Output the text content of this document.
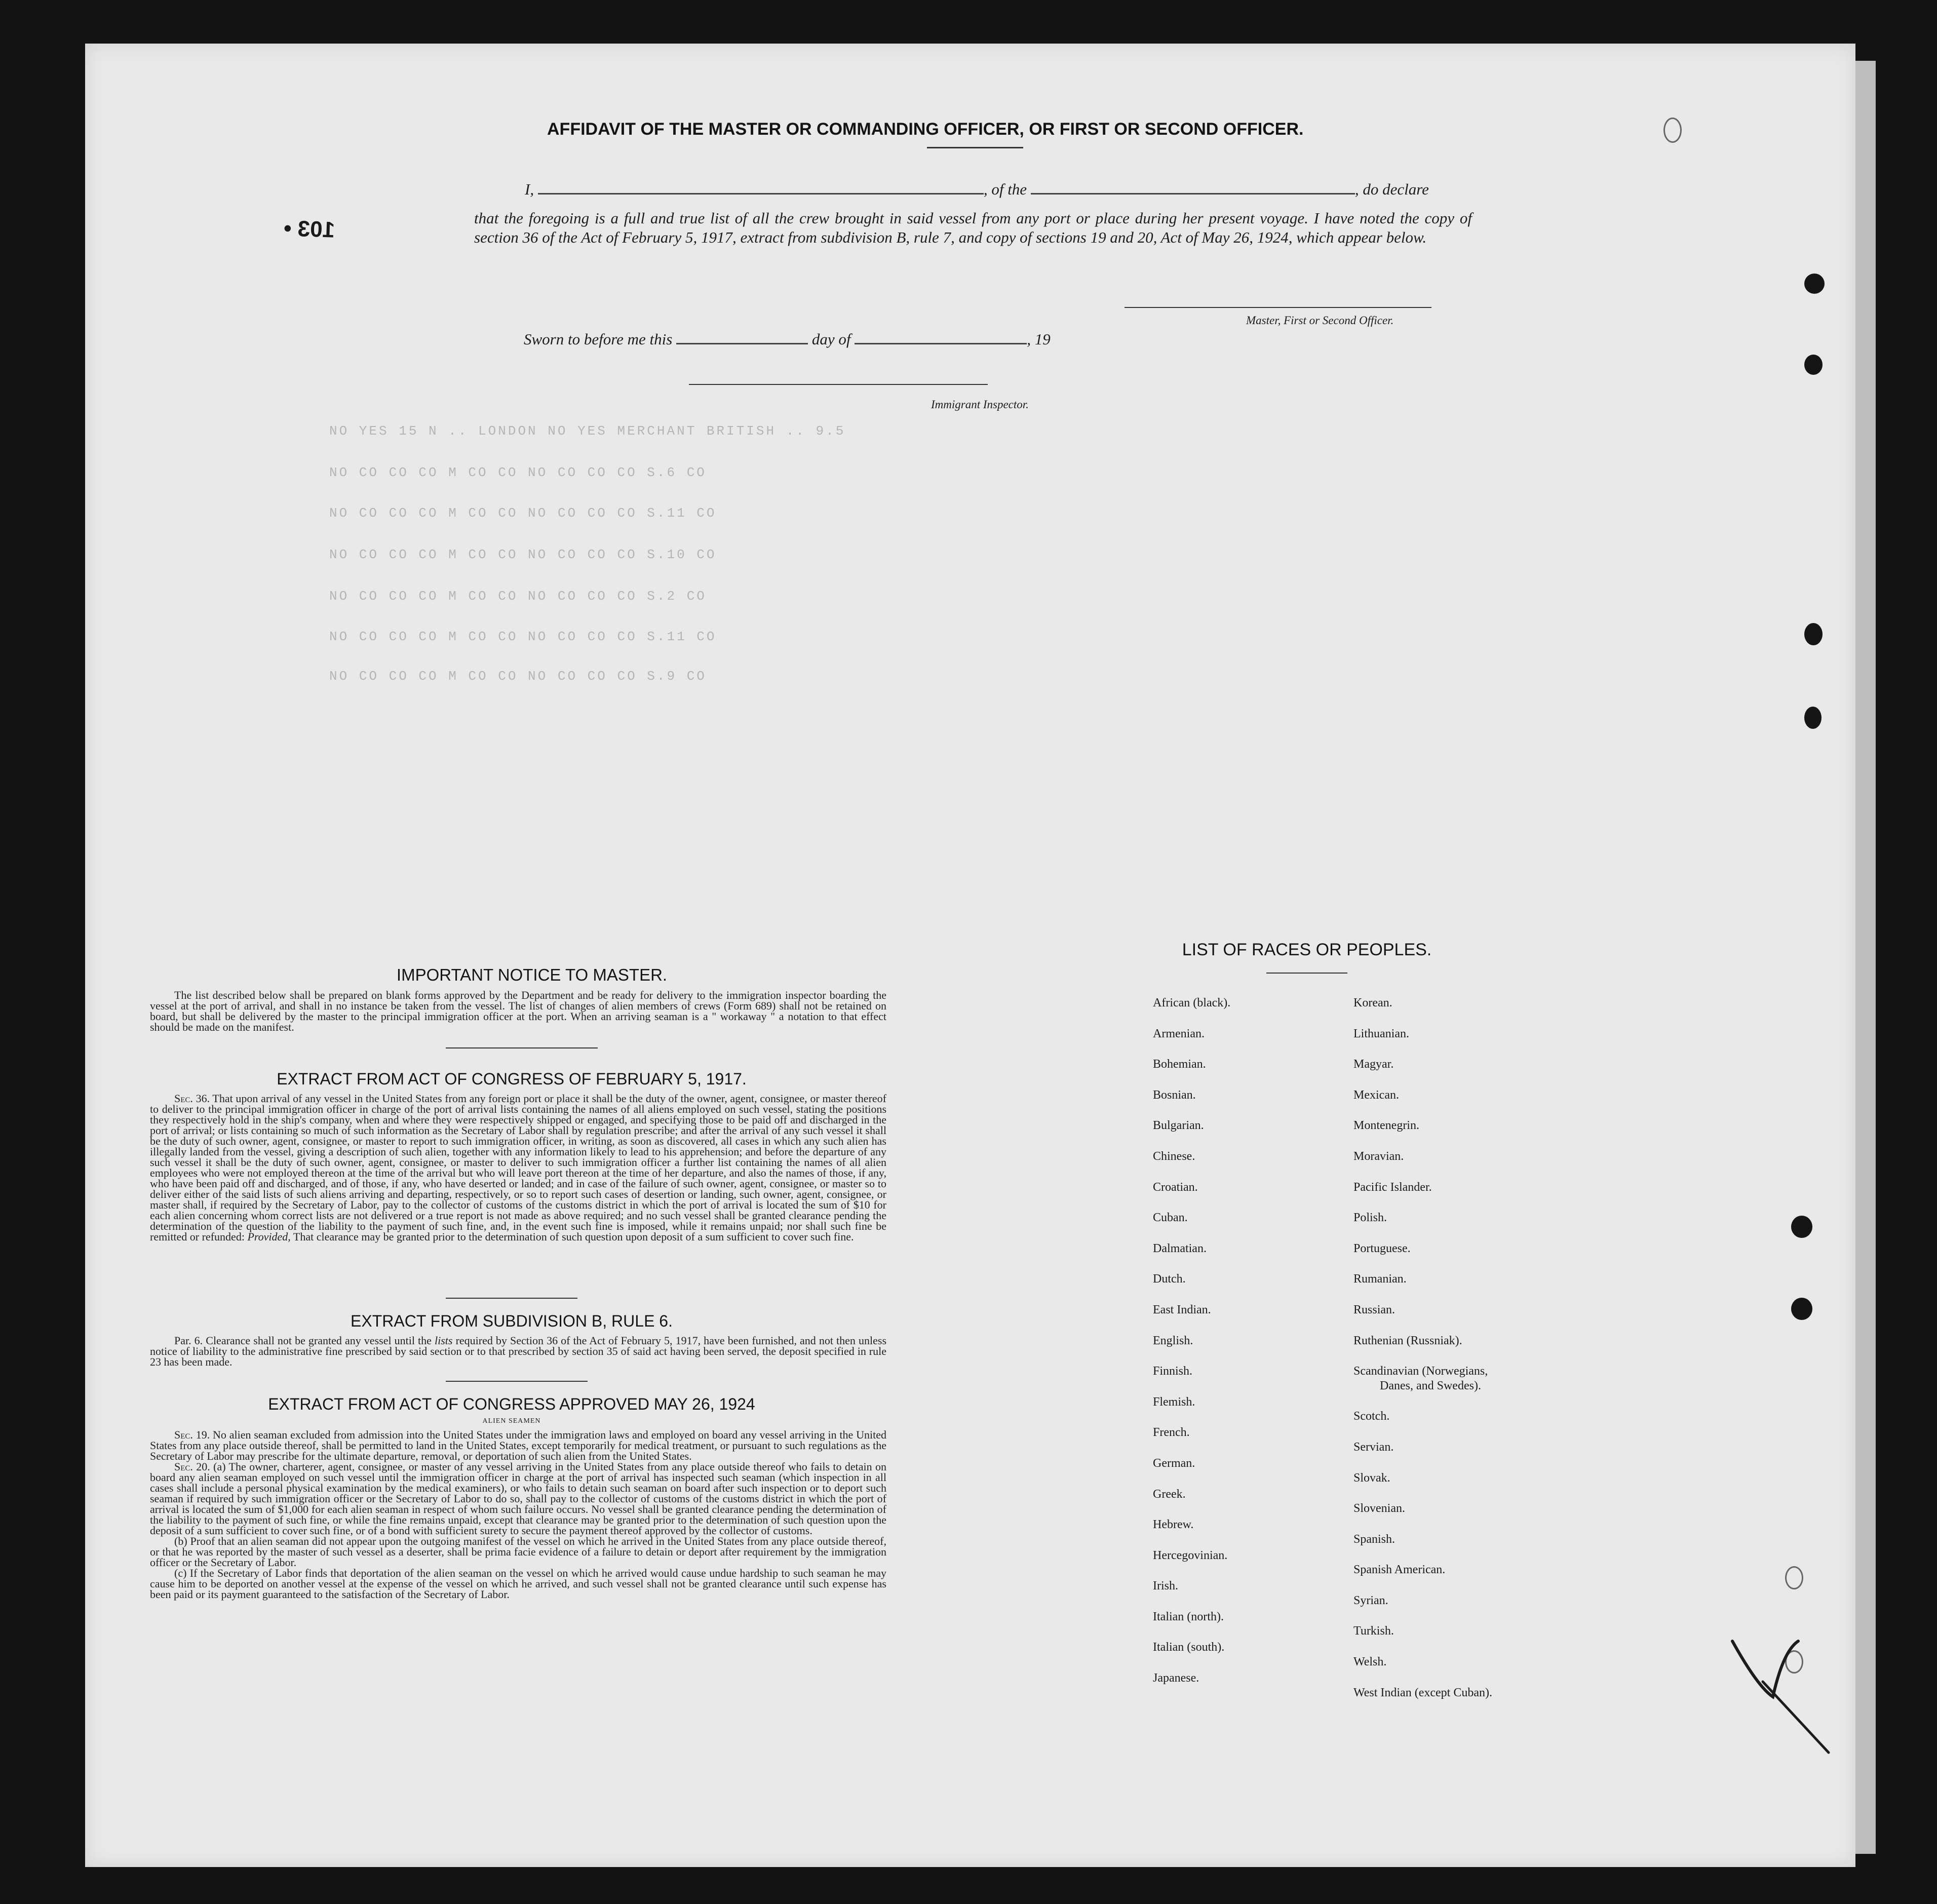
NO YES 15 N .. LONDON NO YES MERCHANT BRITISH .. 9.5
NO CO CO CO M CO CO NO CO CO CO S.6 CO
NO CO CO CO M CO CO NO CO CO CO S.11 CO
NO CO CO CO M CO CO NO CO CO CO S.10 CO
NO CO CO CO M CO CO NO CO CO CO S.2 CO
NO CO CO CO M CO CO NO CO CO CO S.11 CO
NO CO CO CO M CO CO NO CO CO CO S.9 CO
103 •
AFFIDAVIT OF THE MASTER OR COMMANDING OFFICER, OR FIRST OR SECOND OFFICER.
I,	, of the	, do declare
that the foregoing is a full and true list of all the crew brought in said vessel from any port or place during her present voyage. I have noted the copy of section 36 of the Act of February 5, 1917, extract from subdivision B, rule 7, and copy of sections 19 and 20, Act of May 26, 1924, which appear below.
Master, First or Second Officer.
Sworn to before me this	day of	, 19
Immigrant Inspector.
IMPORTANT NOTICE TO MASTER.

The list described below shall be prepared on blank forms approved by the Department and be ready for delivery to the immigration inspector boarding the vessel at the port of arrival, and shall in no instance be taken from the vessel. The list of changes of alien members of crews (Form 689) shall not be retained on board, but shall be delivered by the master to the principal immigration officer at the port. When an arriving seaman is a " workaway " a notation to that effect should be made on the manifest.

EXTRACT FROM ACT OF CONGRESS OF FEBRUARY 5, 1917.

Sec. 36. That upon arrival of any vessel in the United States from any foreign port or place it shall be the duty of the owner, agent, consignee, or master thereof to deliver to the principal immigration officer in charge of the port of arrival lists containing the names of all aliens employed on such vessel, stating the positions they respectively hold in the ship's company, when and where they were respectively shipped or engaged, and specifying those to be paid off and discharged in the port of arrival; or lists containing so much of such information as the Secretary of Labor shall by regulation prescribe; and after the arrival of any such vessel it shall be the duty of such owner, agent, consignee, or master to report to such immigration officer, in writing, as soon as discovered, all cases in which any such alien has illegally landed from the vessel, giving a description of such alien, together with any information likely to lead to his apprehension; and before the departure of any such vessel it shall be the duty of such owner, agent, consignee, or master to deliver to such immigration officer a further list containing the names of all alien employees who were not employed thereon at the time of the arrival but who will leave port thereon at the time of her departure, and also the names of those, if any, who have been paid off and discharged, and of those, if any, who have deserted or landed; and in case of the failure of such owner, agent, consignee, or master so to deliver either of the said lists of such aliens arriving and departing, respectively, or so to report such cases of desertion or landing, such owner, agent, consignee, or master shall, if required by the Secretary of Labor, pay to the collector of customs of the customs district in which the port of arrival is located the sum of $10 for each alien concerning whom correct lists are not delivered or a true report is not made as above required; and no such vessel shall be granted clearance pending the determination of the question of the liability to the payment of such fine, and, in the event such fine is imposed, while it remains unpaid; nor shall such fine be remitted or refunded: Provided, That clearance may be granted prior to the determination of such question upon deposit of a sum sufficient to cover such fine.

EXTRACT FROM SUBDIVISION B, RULE 6.

Par. 6. Clearance shall not be granted any vessel until the lists required by Section 36 of the Act of February 5, 1917, have been furnished, and not then unless notice of liability to the administrative fine prescribed by said section or to that prescribed by section 35 of said act having been served, the deposit specified in rule 23 has been made.

EXTRACT FROM ACT OF CONGRESS APPROVED MAY 26, 1924
ALIEN SEAMEN

Sec. 19. No alien seaman excluded from admission into the United States under the immigration laws and employed on board any vessel arriving in the United States from any place outside thereof, shall be permitted to land in the United States, except temporarily for medical treatment, or pursuant to such regulations as the Secretary of Labor may prescribe for the ultimate departure, removal, or deportation of such alien from the United States.

Sec. 20. (a) The owner, charterer, agent, consignee, or master of any vessel arriving in the United States from any place outside thereof who fails to detain on board any alien seaman employed on such vessel until the immigration officer in charge at the port of arrival has inspected such seaman (which inspection in all cases shall include a personal physical examination by the medical examiners), or who fails to detain such seaman on board after such inspection or to deport such seaman if required by such immigration officer or the Secretary of Labor to do so, shall pay to the collector of customs of the customs district in which the port of arrival is located the sum of $1,000 for each alien seaman in respect of whom such failure occurs. No vessel shall be granted clearance pending the determination of the liability to the payment of such fine, or while the fine remains unpaid, except that clearance may be granted prior to the determination of such question upon the deposit of a sum sufficient to cover such fine, or of a bond with sufficient surety to secure the payment thereof approved by the collector of customs.

(b) Proof that an alien seaman did not appear upon the outgoing manifest of the vessel on which he arrived in the United States from any place outside thereof, or that he was reported by the master of such vessel as a deserter, shall be prima facie evidence of a failure to detain or deport after requirement by the immigration officer or the Secretary of Labor.

(c) If the Secretary of Labor finds that deportation of the alien seaman on the vessel on which he arrived would cause undue hardship to such seaman he may cause him to be deported on another vessel at the expense of the vessel on which he arrived, and such vessel shall not be granted clearance until such expense has been paid or its payment guaranteed to the satisfaction of the Secretary of Labor.

LIST OF RACES OR PEOPLES.
African (black).
Armenian.
Bohemian.
Bosnian.
Bulgarian.
Chinese.
Croatian.
Cuban.
Dalmatian.
Dutch.
East Indian.
English.
Finnish.
Flemish.
French.
German.
Greek.
Hebrew.
Hercegovinian.
Irish.
Italian (north).
Italian (south).
Japanese.
Korean.
Lithuanian.
Magyar.
Mexican.
Montenegrin.
Moravian.
Pacific Islander.
Polish.
Portuguese.
Rumanian.
Russian.
Ruthenian (Russniak).
Scandinavian (Norwegians,
Danes, and Swedes).
Scotch.
Servian.
Slovak.
Slovenian.
Spanish.
Spanish American.
Syrian.
Turkish.
Welsh.
West Indian (except Cuban).
